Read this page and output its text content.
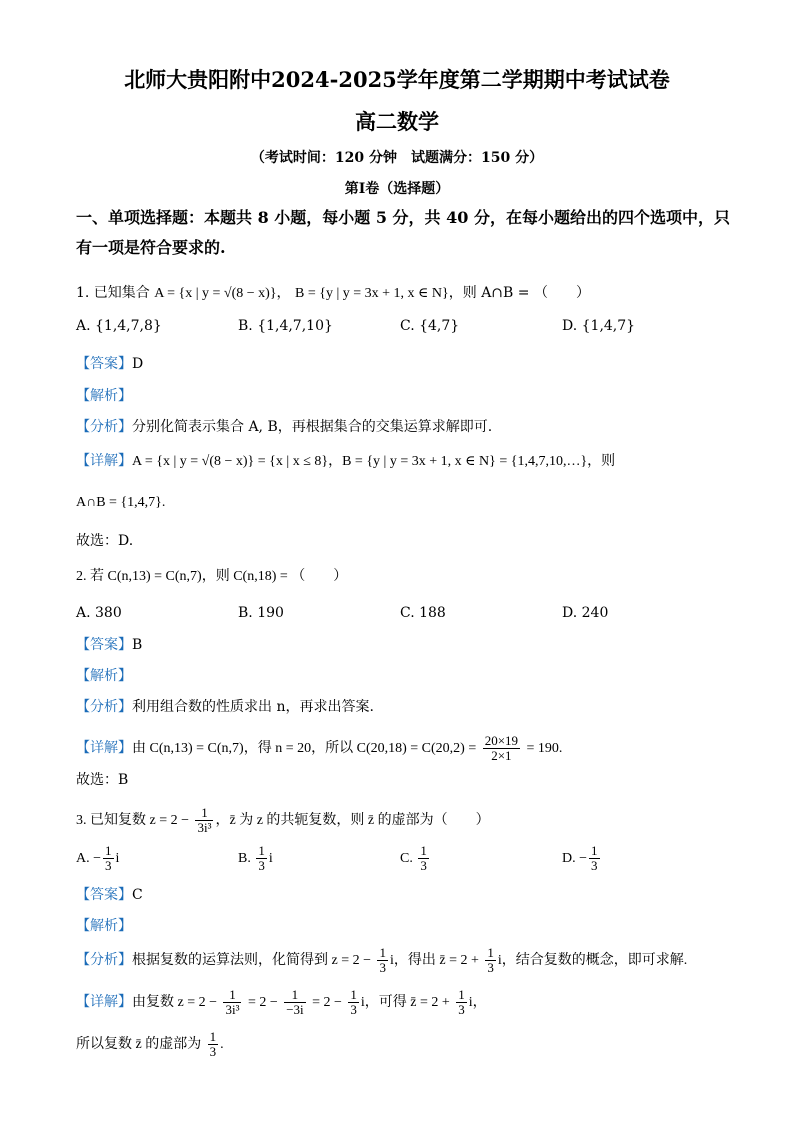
北师大贵阳附中2024-2025学年度第二学期期中考试试卷
高二数学
（考试时间：120 分钟　试题满分：150 分）
第Ⅰ卷（选择题）
一、单项选择题：本题共 8 小题，每小题 5 分，共 40 分，在每小题给出的四个选项中，只
有一项是符合要求的.
1. 已知集合 A = {x | y = √(8 − x)}， B = {y | y = 3x + 1, x ∈ N}，则 A∩B = （　　）
A. {1,4,7,8}	B. {1,4,7,10}	C. {4,7}	D. {1,4,7}
【答案】D
【解析】
【分析】分别化简表示集合 A, B，再根据集合的交集运算求解即可.
【详解】A = {x | y = √(8 − x)} = {x | x ≤ 8}，B = {y | y = 3x + 1, x ∈ N} = {1,4,7,10,…}，则
A∩B = {1,4,7}.
故选：D.
2. 若 C(n,13) = C(n,7)，则 C(n,18) = （　　）
A. 380	B. 190	C. 188	D. 240
【答案】B
【解析】
【分析】利用组合数的性质求出 n，再求出答案.
【详解】由 C(n,13) = C(n,7)，得 n = 20，所以 $C(20,18) = C(20,2) = \frac{20\times 19}{2\times 1} = 190$.
故选：B
3. 已知复数 $z = 2 - \frac{1}{\text{3i³}}$ ，z̄ 为 z 的共轭复数，则 z̄ 的虚部为（　　）
A. − $\frac{1}{3}$ i	B. $\frac{1}{3}$ i	C. $\frac{1}{3}$	D. − $\frac{1}{3}$
【答案】C
【解析】
【分析】根据复数的运算法则，化简得到 $z = 2 - \frac{1}{3}$ i，得出 z̄ = $2 + \frac{1}{3}$ i，结合复数的概念，即可求解.
【详解】由复数 $z = 2 - \frac{1}{\text{3i³}} = 2 - \frac{1}{-3i} = 2 - \frac{1}{3}$ i，可得 z̄ = $2 + \frac{1}{3}$ i，
所以复数 z̄ 的虚部为 $\frac{1}{3}$ .
